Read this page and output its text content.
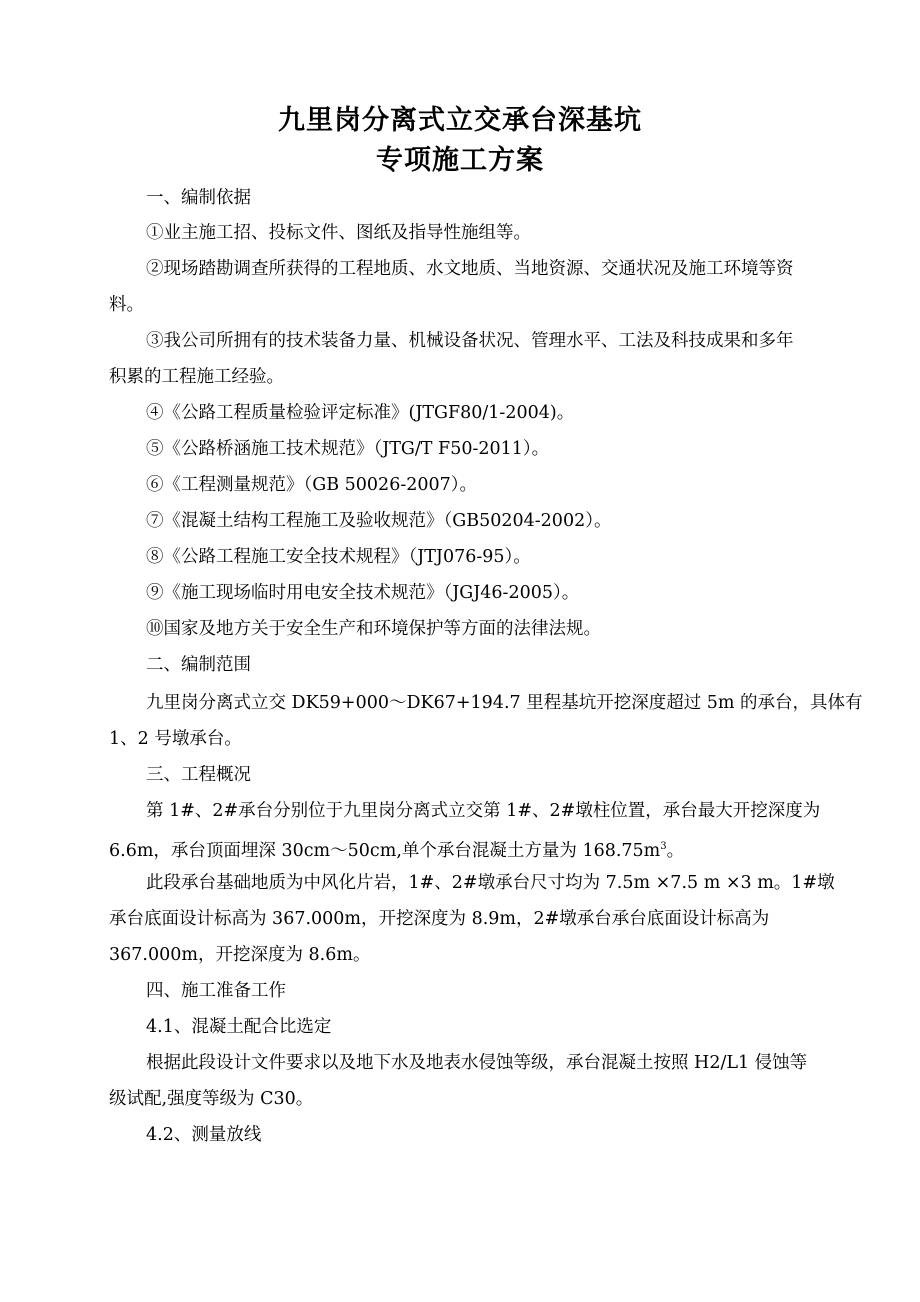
九里岗分离式立交承台深基坑
专项施工方案
一、编制依据
①业主施工招、投标文件、图纸及指导性施组等。
②现场踏勘调查所获得的工程地质、水文地质、当地资源、交通状况及施工环境等资
料。
③我公司所拥有的技术装备力量、机械设备状况、管理水平、工法及科技成果和多年
积累的工程施工经验。
④《公路工程质量检验评定标准》(JTGF80/1-2004)。
⑤《公路桥涵施工技术规范》（JTG/T F50-2011）。
⑥《工程测量规范》（GB 50026-2007）。
⑦《混凝土结构工程施工及验收规范》（GB50204-2002）。
⑧《公路工程施工安全技术规程》（JTJ076-95）。
⑨《施工现场临时用电安全技术规范》（JGJ46-2005）。
⑩国家及地方关于安全生产和环境保护等方面的法律法规。
二、编制范围
九里岗分离式立交 DK59+000～DK67+194.7 里程基坑开挖深度超过 5m 的承台，具体有
1、2 号墩承台。
三、工程概况
第 1#、2#承台分别位于九里岗分离式立交第 1#、2#墩柱位置，承台最大开挖深度为
6.6m，承台顶面埋深 30cm～50cm,单个承台混凝土方量为 $168.75m^3$。
此段承台基础地质为中风化片岩，1#、2#墩承台尺寸均为 7.5m ×7.5 m ×3 m。1#墩
承台底面设计标高为 367.000m，开挖深度为 8.9m，2#墩承台承台底面设计标高为
367.000m，开挖深度为 8.6m。
四、施工准备工作
4.1、混凝土配合比选定
根据此段设计文件要求以及地下水及地表水侵蚀等级，承台混凝土按照 H2/L1 侵蚀等
级试配,强度等级为 C30。
4.2、测量放线
